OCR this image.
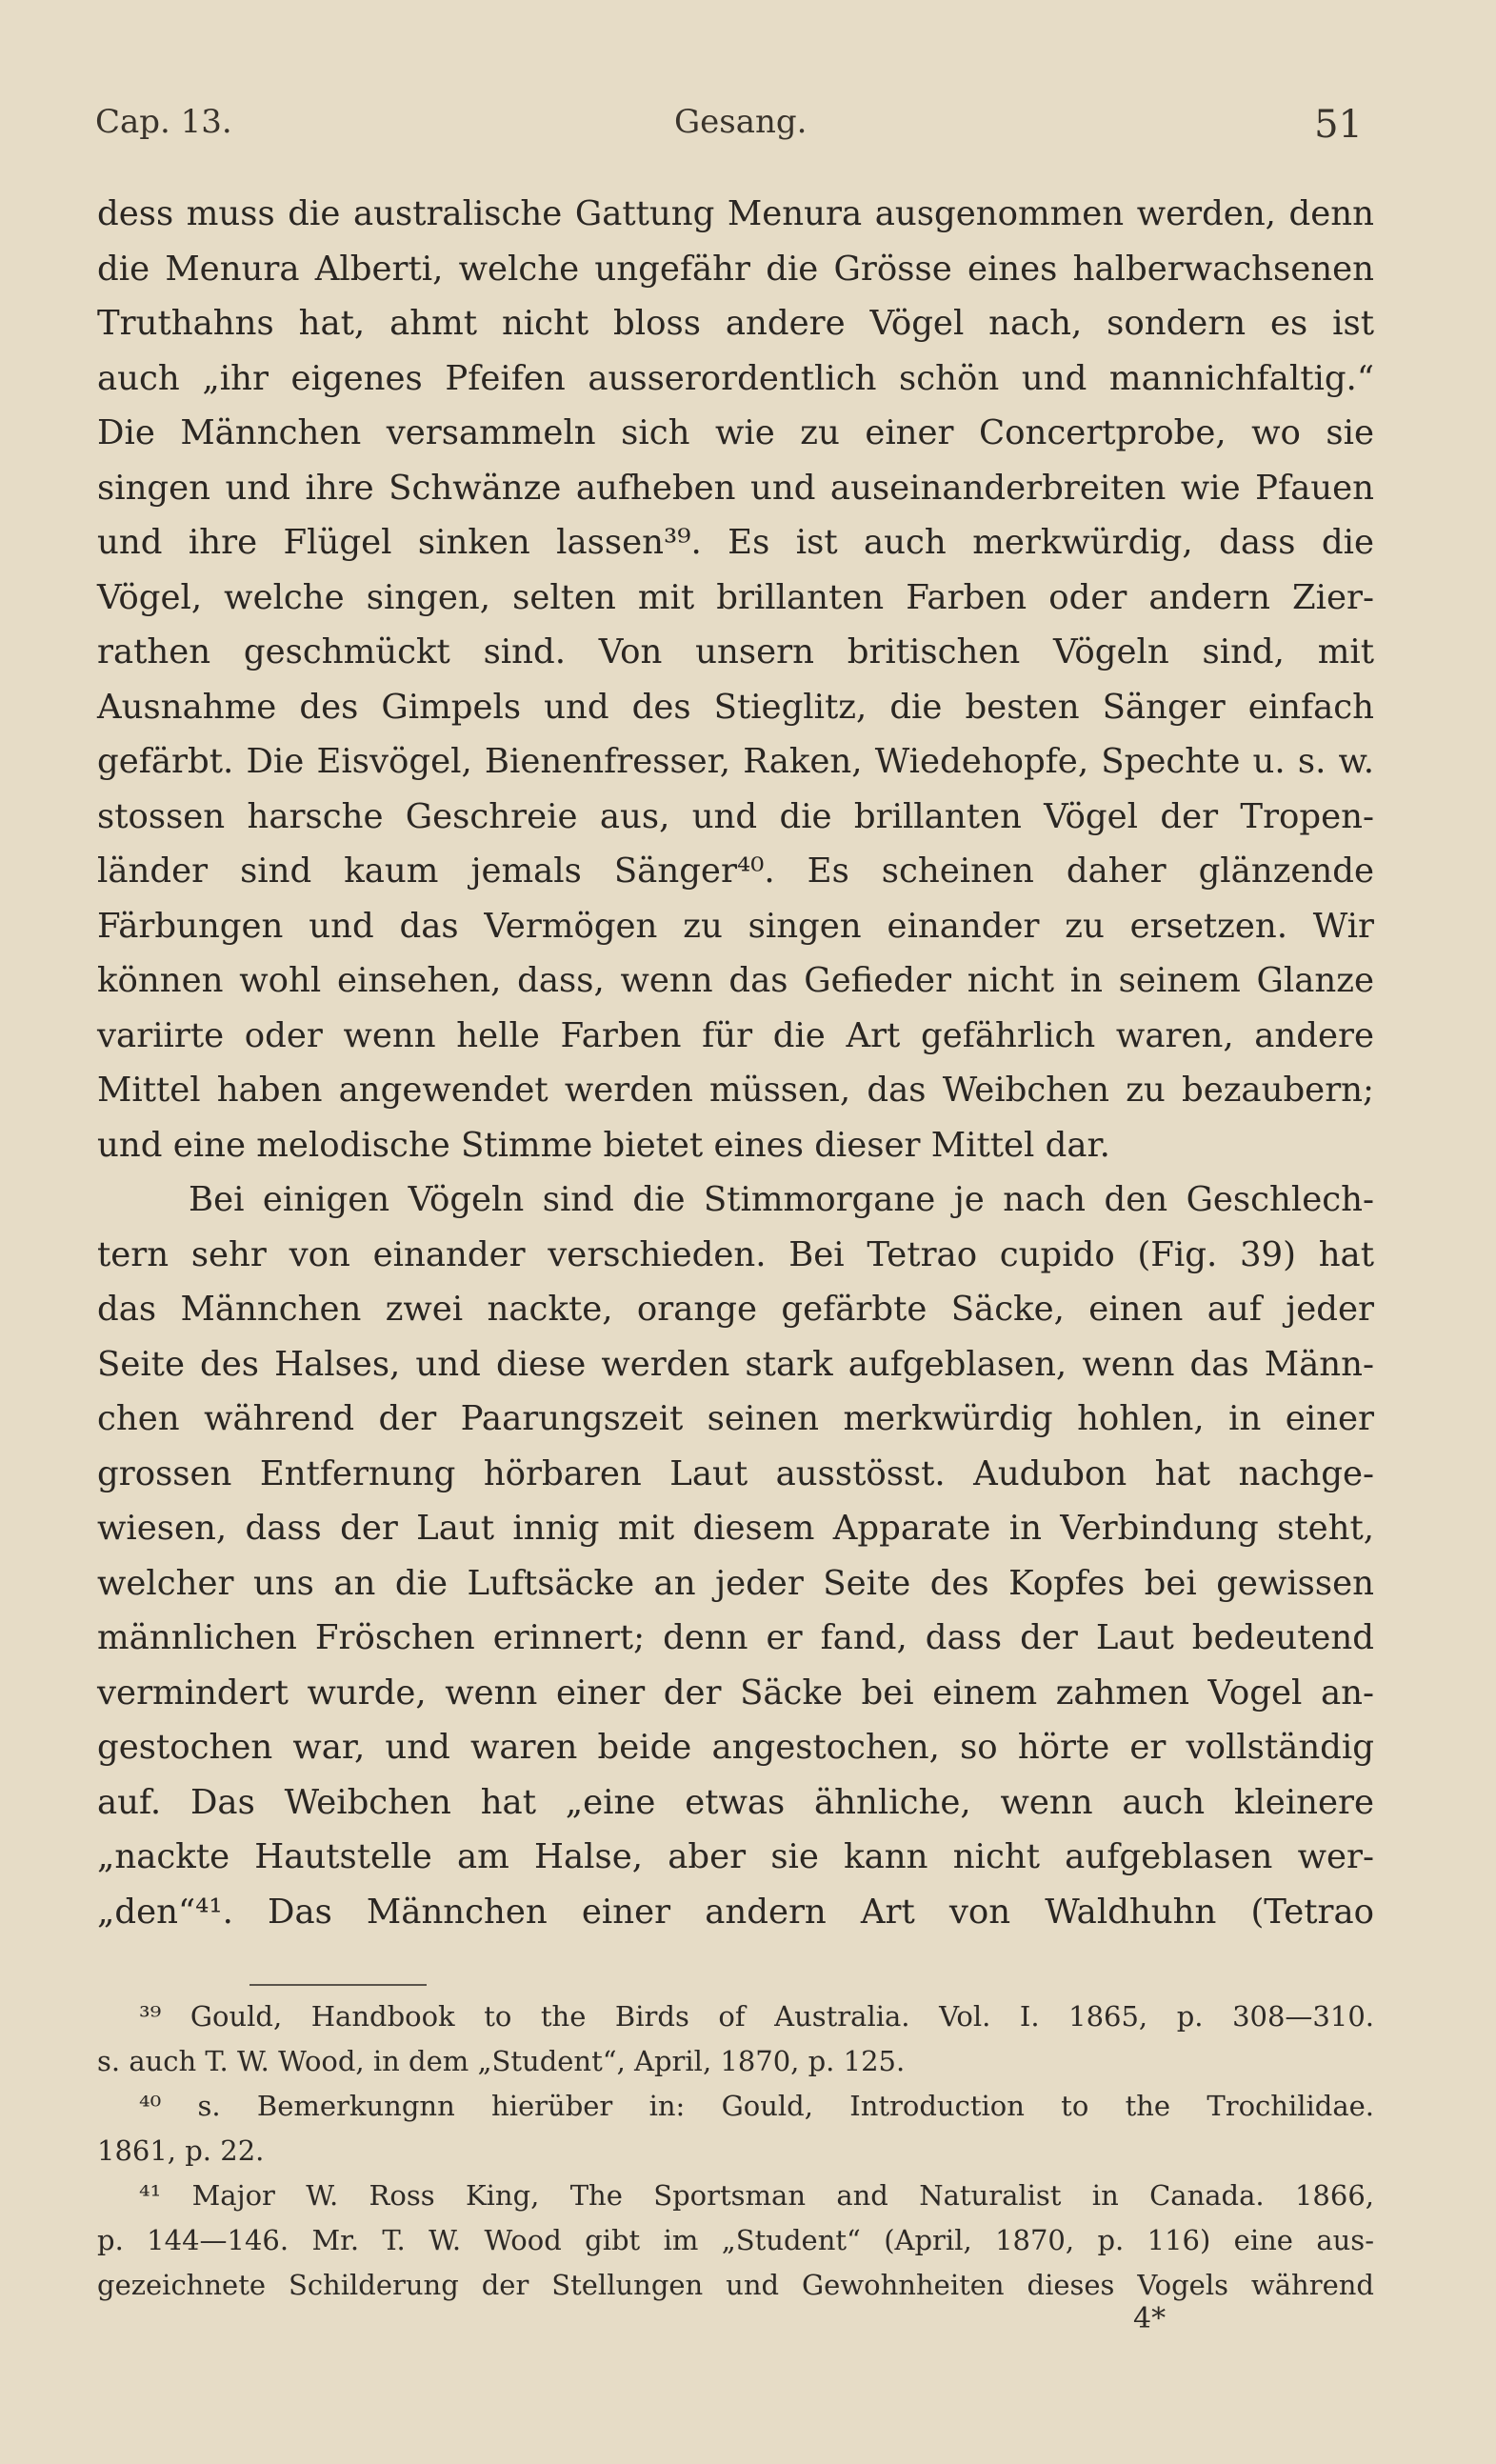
Cap. 13.	Gesang.	51
dess muss die australische Gattung Menura ausgenommen werden, denn
die Menura Alberti, welche ungefähr die Grösse eines halberwachsenen
Truthahns hat, ahmt nicht bloss andere Vögel nach, sondern es ist
auch „ihr eigenes Pfeifen ausserordentlich schön und mannichfaltig.“
Die Männchen versammeln sich wie zu einer Concertprobe, wo sie
singen und ihre Schwänze aufheben und auseinanderbreiten wie Pfauen
und ihre Flügel sinken lassen³⁹. Es ist auch merkwürdig, dass die
Vögel, welche singen, selten mit brillanten Farben oder andern Zier-
rathen geschmückt sind. Von unsern britischen Vögeln sind, mit
Ausnahme des Gimpels und des Stieglitz, die besten Sänger einfach
gefärbt. Die Eisvögel, Bienenfresser, Raken, Wiedehopfe, Spechte u. s. w.
stossen harsche Geschreie aus, und die brillanten Vögel der Tropen-
länder sind kaum jemals Sänger⁴⁰. Es scheinen daher glänzende
Färbungen und das Vermögen zu singen einander zu ersetzen. Wir
können wohl einsehen, dass, wenn das Gefieder nicht in seinem Glanze
variirte oder wenn helle Farben für die Art gefährlich waren, andere
Mittel haben angewendet werden müssen, das Weibchen zu bezaubern;
und eine melodische Stimme bietet eines dieser Mittel dar.
Bei einigen Vögeln sind die Stimmorgane je nach den Geschlech-
tern sehr von einander verschieden. Bei Tetrao cupido (Fig. 39) hat
das Männchen zwei nackte, orange gefärbte Säcke, einen auf jeder
Seite des Halses, und diese werden stark aufgeblasen, wenn das Männ-
chen während der Paarungszeit seinen merkwürdig hohlen, in einer
grossen Entfernung hörbaren Laut ausstösst. Audubon hat nachge-
wiesen, dass der Laut innig mit diesem Apparate in Verbindung steht,
welcher uns an die Luftsäcke an jeder Seite des Kopfes bei gewissen
männlichen Fröschen erinnert; denn er fand, dass der Laut bedeutend
vermindert wurde, wenn einer der Säcke bei einem zahmen Vogel an-
gestochen war, und waren beide angestochen, so hörte er vollständig
auf. Das Weibchen hat „eine etwas ähnliche, wenn auch kleinere
„nackte Hautstelle am Halse, aber sie kann nicht aufgeblasen wer-
„den“⁴¹. Das Männchen einer andern Art von Waldhuhn (Tetrao
³⁹ Gould, Handbook to the Birds of Australia. Vol. I. 1865, p. 308—310.
s. auch T. W. Wood, in dem „Student“, April, 1870, p. 125.
⁴⁰ s. Bemerkungnn hierüber in: Gould, Introduction to the Trochilidae.
1861, p. 22.
⁴¹ Major W. Ross King, The Sportsman and Naturalist in Canada. 1866,
p. 144—146. Mr. T. W. Wood gibt im „Student“ (April, 1870, p. 116) eine aus-
gezeichnete Schilderung der Stellungen und Gewohnheiten dieses Vogels während
4*
